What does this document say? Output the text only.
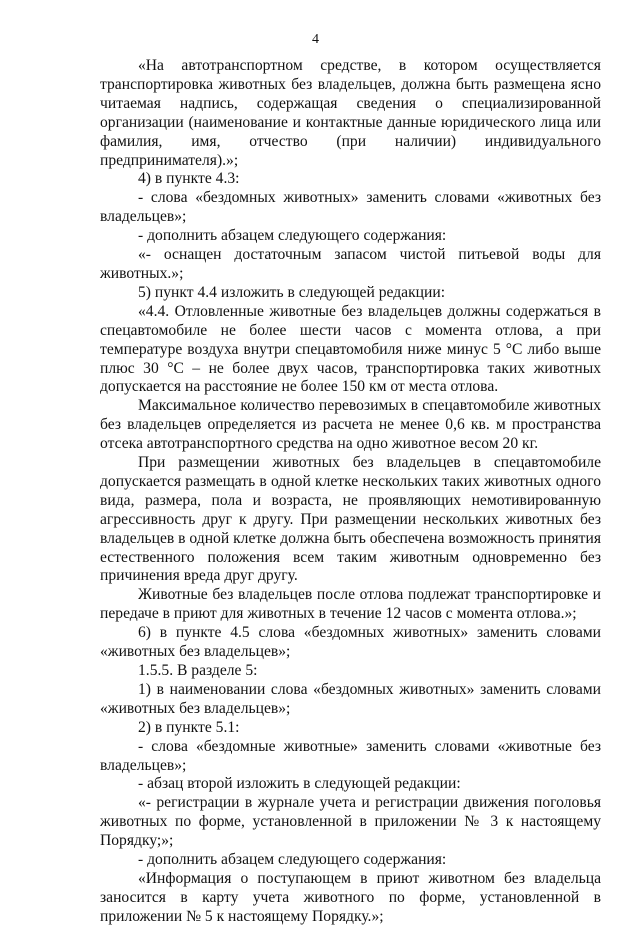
4

«На автотранспортном средстве, в котором осуществляется транспортировка животных без владельцев, должна быть размещена ясно читаемая надпись, содержащая сведения о специализированной организации (наименование и контактные данные юридического лица или фамилия, имя, отчество (при наличии) индивидуального предпринимателя).»;

4) в пункте 4.3:

- слова «бездомных животных» заменить словами «животных без владельцев»;

- дополнить абзацем следующего содержания:

«- оснащен достаточным запасом чистой питьевой воды для животных.»;

5) пункт 4.4 изложить в следующей редакции:

«4.4. Отловленные животные без владельцев должны содержаться в спецавтомобиле не более шести часов с момента отлова, а при температуре воздуха внутри спецавтомобиля ниже минус 5 °С либо выше плюс 30 °С – не более двух часов, транспортировка таких животных допускается на расстояние не более 150 км от места отлова.

Максимальное количество перевозимых в спецавтомобиле животных без владельцев определяется из расчета не менее 0,6 кв. м пространства отсека автотранспортного средства на одно животное весом 20 кг.

При размещении животных без владельцев в спецавтомобиле допускается размещать в одной клетке нескольких таких животных одного вида, размера, пола и возраста, не проявляющих немотивированную агрессивность друг к другу. При размещении нескольких животных без владельцев в одной клетке должна быть обеспечена возможность принятия естественного положения всем таким животным одновременно без причинения вреда друг другу.

Животные без владельцев после отлова подлежат транспортировке и передаче в приют для животных в течение 12 часов с момента отлова.»;

6) в пункте 4.5 слова «бездомных животных» заменить словами «животных без владельцев»;

1.5.5. В разделе 5:

1) в наименовании слова «бездомных животных» заменить словами «животных без владельцев»;

2) в пункте 5.1:

- слова «бездомные животные» заменить словами «животные без владельцев»;

- абзац второй изложить в следующей редакции:

«- регистрации в журнале учета и регистрации движения поголовья животных по форме, установленной в приложении № 3 к настоящему Порядку;»;

- дополнить абзацем следующего содержания:

«Информация о поступающем в приют животном без владельца заносится в карту учета животного по форме, установленной в приложении № 5 к настоящему Порядку.»;
